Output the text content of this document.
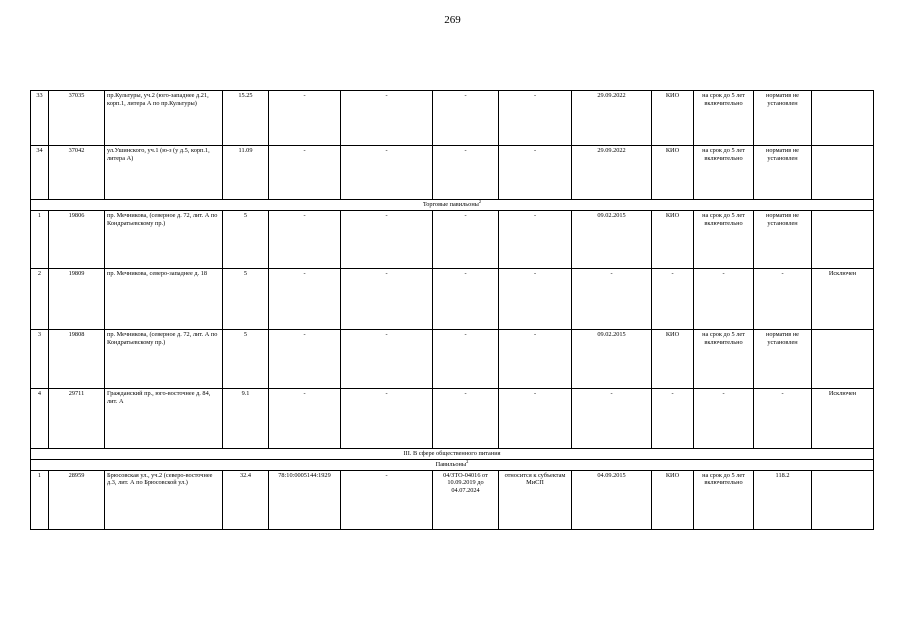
269
33	37035	пр.Культуры, уч.2 (юго-западнее д.21, корп.1, литера А по пр.Культуры)	15.25	-	-	-	-	29.09.2022	КИО	на срок до 5 лет включительно	норматив не установлен	
34	37042	ул.Ушинского, уч.1 (ю-з (у д.5, корп.1, литера А)	11.09	-	-	-	-	29.09.2022	КИО	на срок до 5 лет включительно	норматив не установлен	
Торговые павильоны$^2$
1	19806	пр. Мечникова, (северное д. 72, лит. А по Кондратьевскому пр.)	5	-	-	-	-	09.02.2015	КИО	на срок до 5 лет включительно	норматив не установлен	
2	19809	пр. Мечникова, северо-западнее д. 18	5	-	-	-	-	-	-	-	-	Исключен
3	19808	пр. Мечникова, (северное д. 72, лит. А по Кондратьевскому пр.)	5	-	-	-	-	09.02.2015	КИО	на срок до 5 лет включительно	норматив не установлен	
4	29711	Гражданский пр., юго-восточнее д. 84, лит. А	9.1	-	-	-	-	-	-	-	-	Исключен
III. В сфере общественного питания												
Павильоны$^2$
1	28959	Брюсовская ул., уч.2 (северо-восточнее д.3, лит. А по Брюсовской ул.)	32.4	78:10:0005144:1929	-	04/ЗТО-04016 от 10.09.2019 до 04.07.2024	относится к субъектам МиСП	04.09.2015	КИО	на срок до 5 лет включительно	118.2	
